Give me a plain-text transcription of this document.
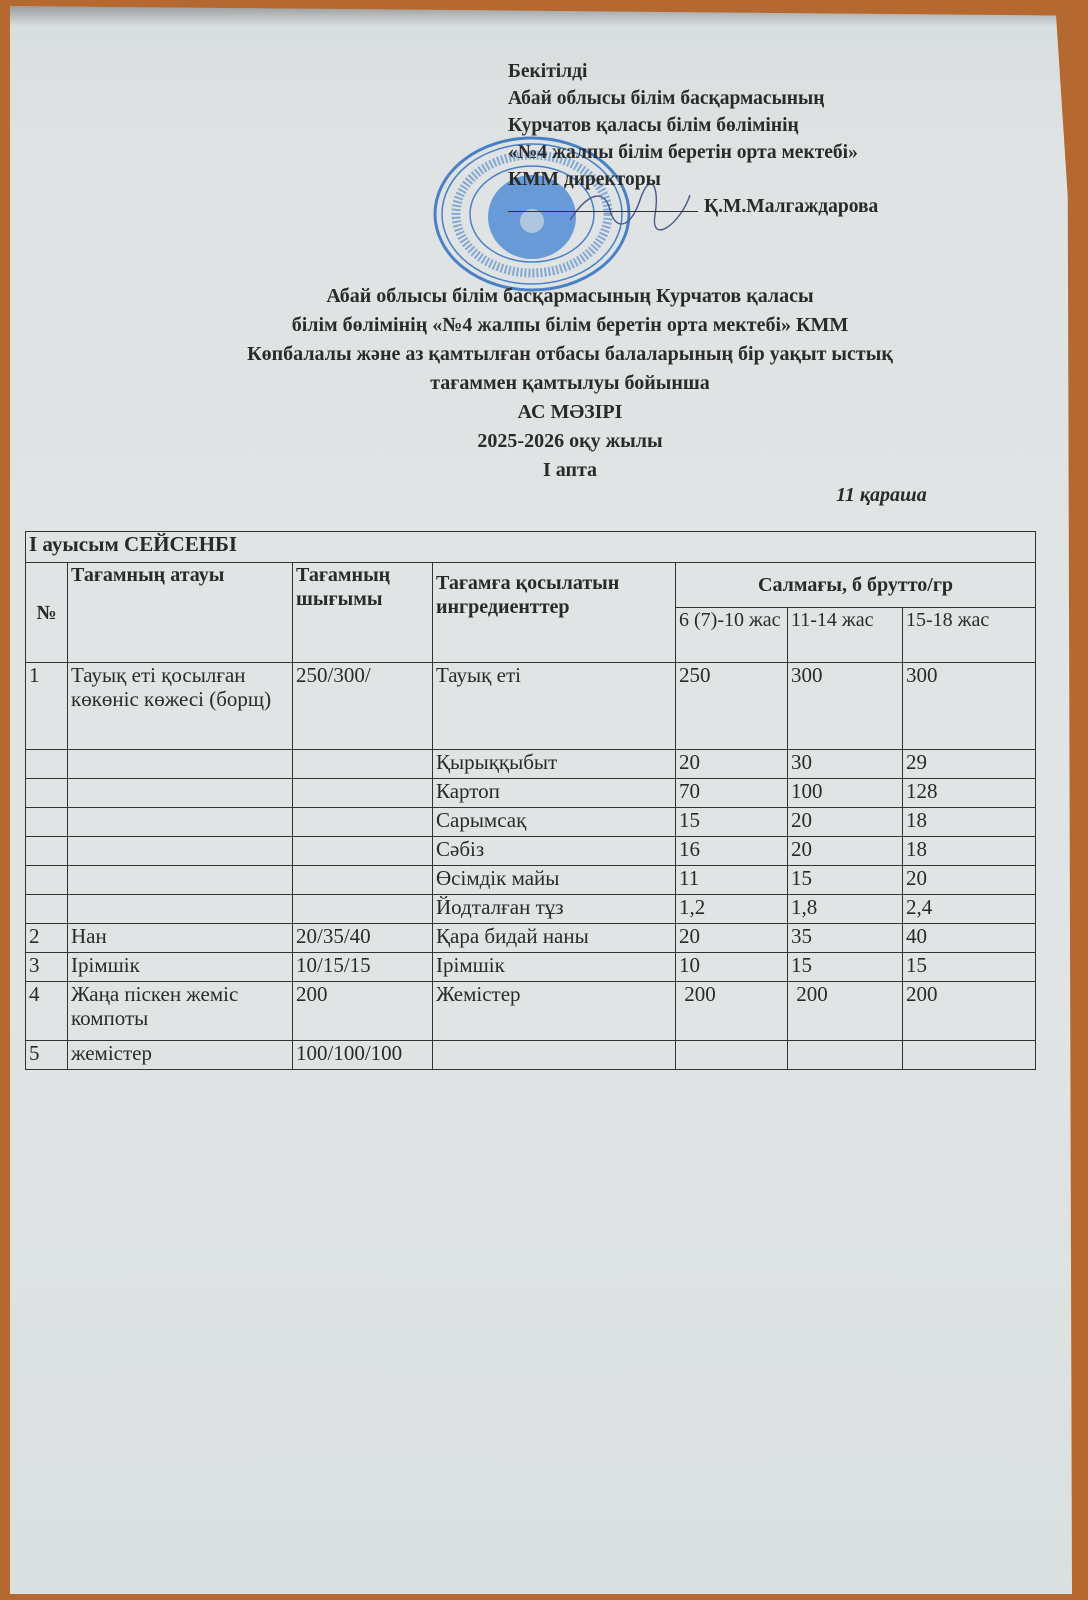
Бекітілді
Абай облысы білім басқармасының
Курчатов қаласы білім бөлімінің
«№4 жалпы білім беретін орта мектебі»
КММ директоры
Қ.М.Малгаждарова
Абай облысы білім басқармасының Курчатов қаласы
білім бөлімінің «№4 жалпы білім беретін орта мектебі» КММ
Көпбалалы және аз қамтылған отбасы балаларының бір уақыт ыстық
тағаммен қамтылуы бойынша
АС МӘЗІРІ
2025-2026 оқу жылы
І апта
11 қараша
І ауысым СЕЙСЕНБІ						
№	Тағамның атауы	Тағамның шығымы	Тағамға қосылатын ингредиенттер	Салмағы, б брутто/гр		
				6 (7)-10 жас	11-14 жас	15-18 жас
1	Тауық еті қосылған көкөніс көжесі (борщ)	250/300/	Тауық еті	250	300	300
			Қырыққыбыт	20	30	29
			Картоп	70	100	128
			Сарымсақ	15	20	18
			Сәбіз	16	20	18
			Өсімдік майы	11	15	20
			Йодталған тұз	1,2	1,8	2,4
2	Нан	20/35/40	Қара бидай наны	20	35	40
3	Ірімшік	10/15/15	Ірімшік	10	15	15
4	Жаңа піскен жеміс компоты	200	Жемістер	200	200	200
5	жемістер	100/100/100				
